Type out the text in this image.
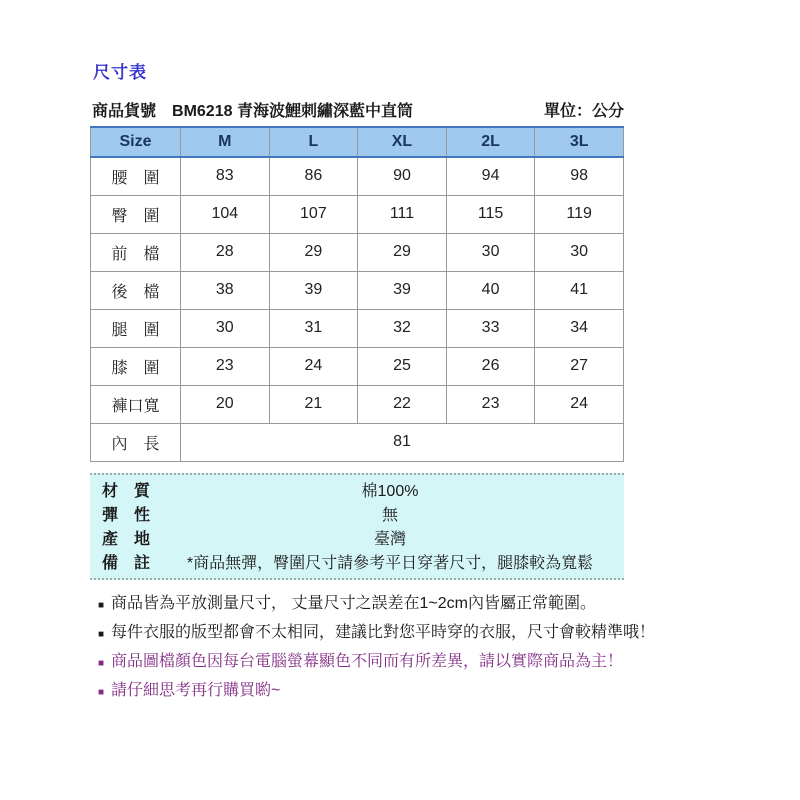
尺寸表
商品貨號 BM6218 青海波鯉刺繡深藍中直筒	單位：公分
Size	M	L	XL	2L	3L
腰　圍	83	86	90	94	98
臀　圍	104	107	111	115	119
前　檔	28	29	29	30	30
後　檔	38	39	39	40	41
腿　圍	30	31	32	33	34
膝　圍	23	24	25	26	27
褲口寬	20	21	22	23	24
內　長	81				
材　質	棉100%
彈　性	無
產　地	臺灣
備　註	*商品無彈，臀圍尺寸請參考平日穿著尺寸，腿膝較為寬鬆
■ 商品皆為平放測量尺寸， 丈量尺寸之誤差在1~2cm內皆屬正常範圍。
■ 每件衣服的版型都會不太相同，建議比對您平時穿的衣服，尺寸會較精準哦！
■ 商品圖檔顏色因每台電腦螢幕顯色不同而有所差異，請以實際商品為主！
■ 請仔細思考再行購買喲~
